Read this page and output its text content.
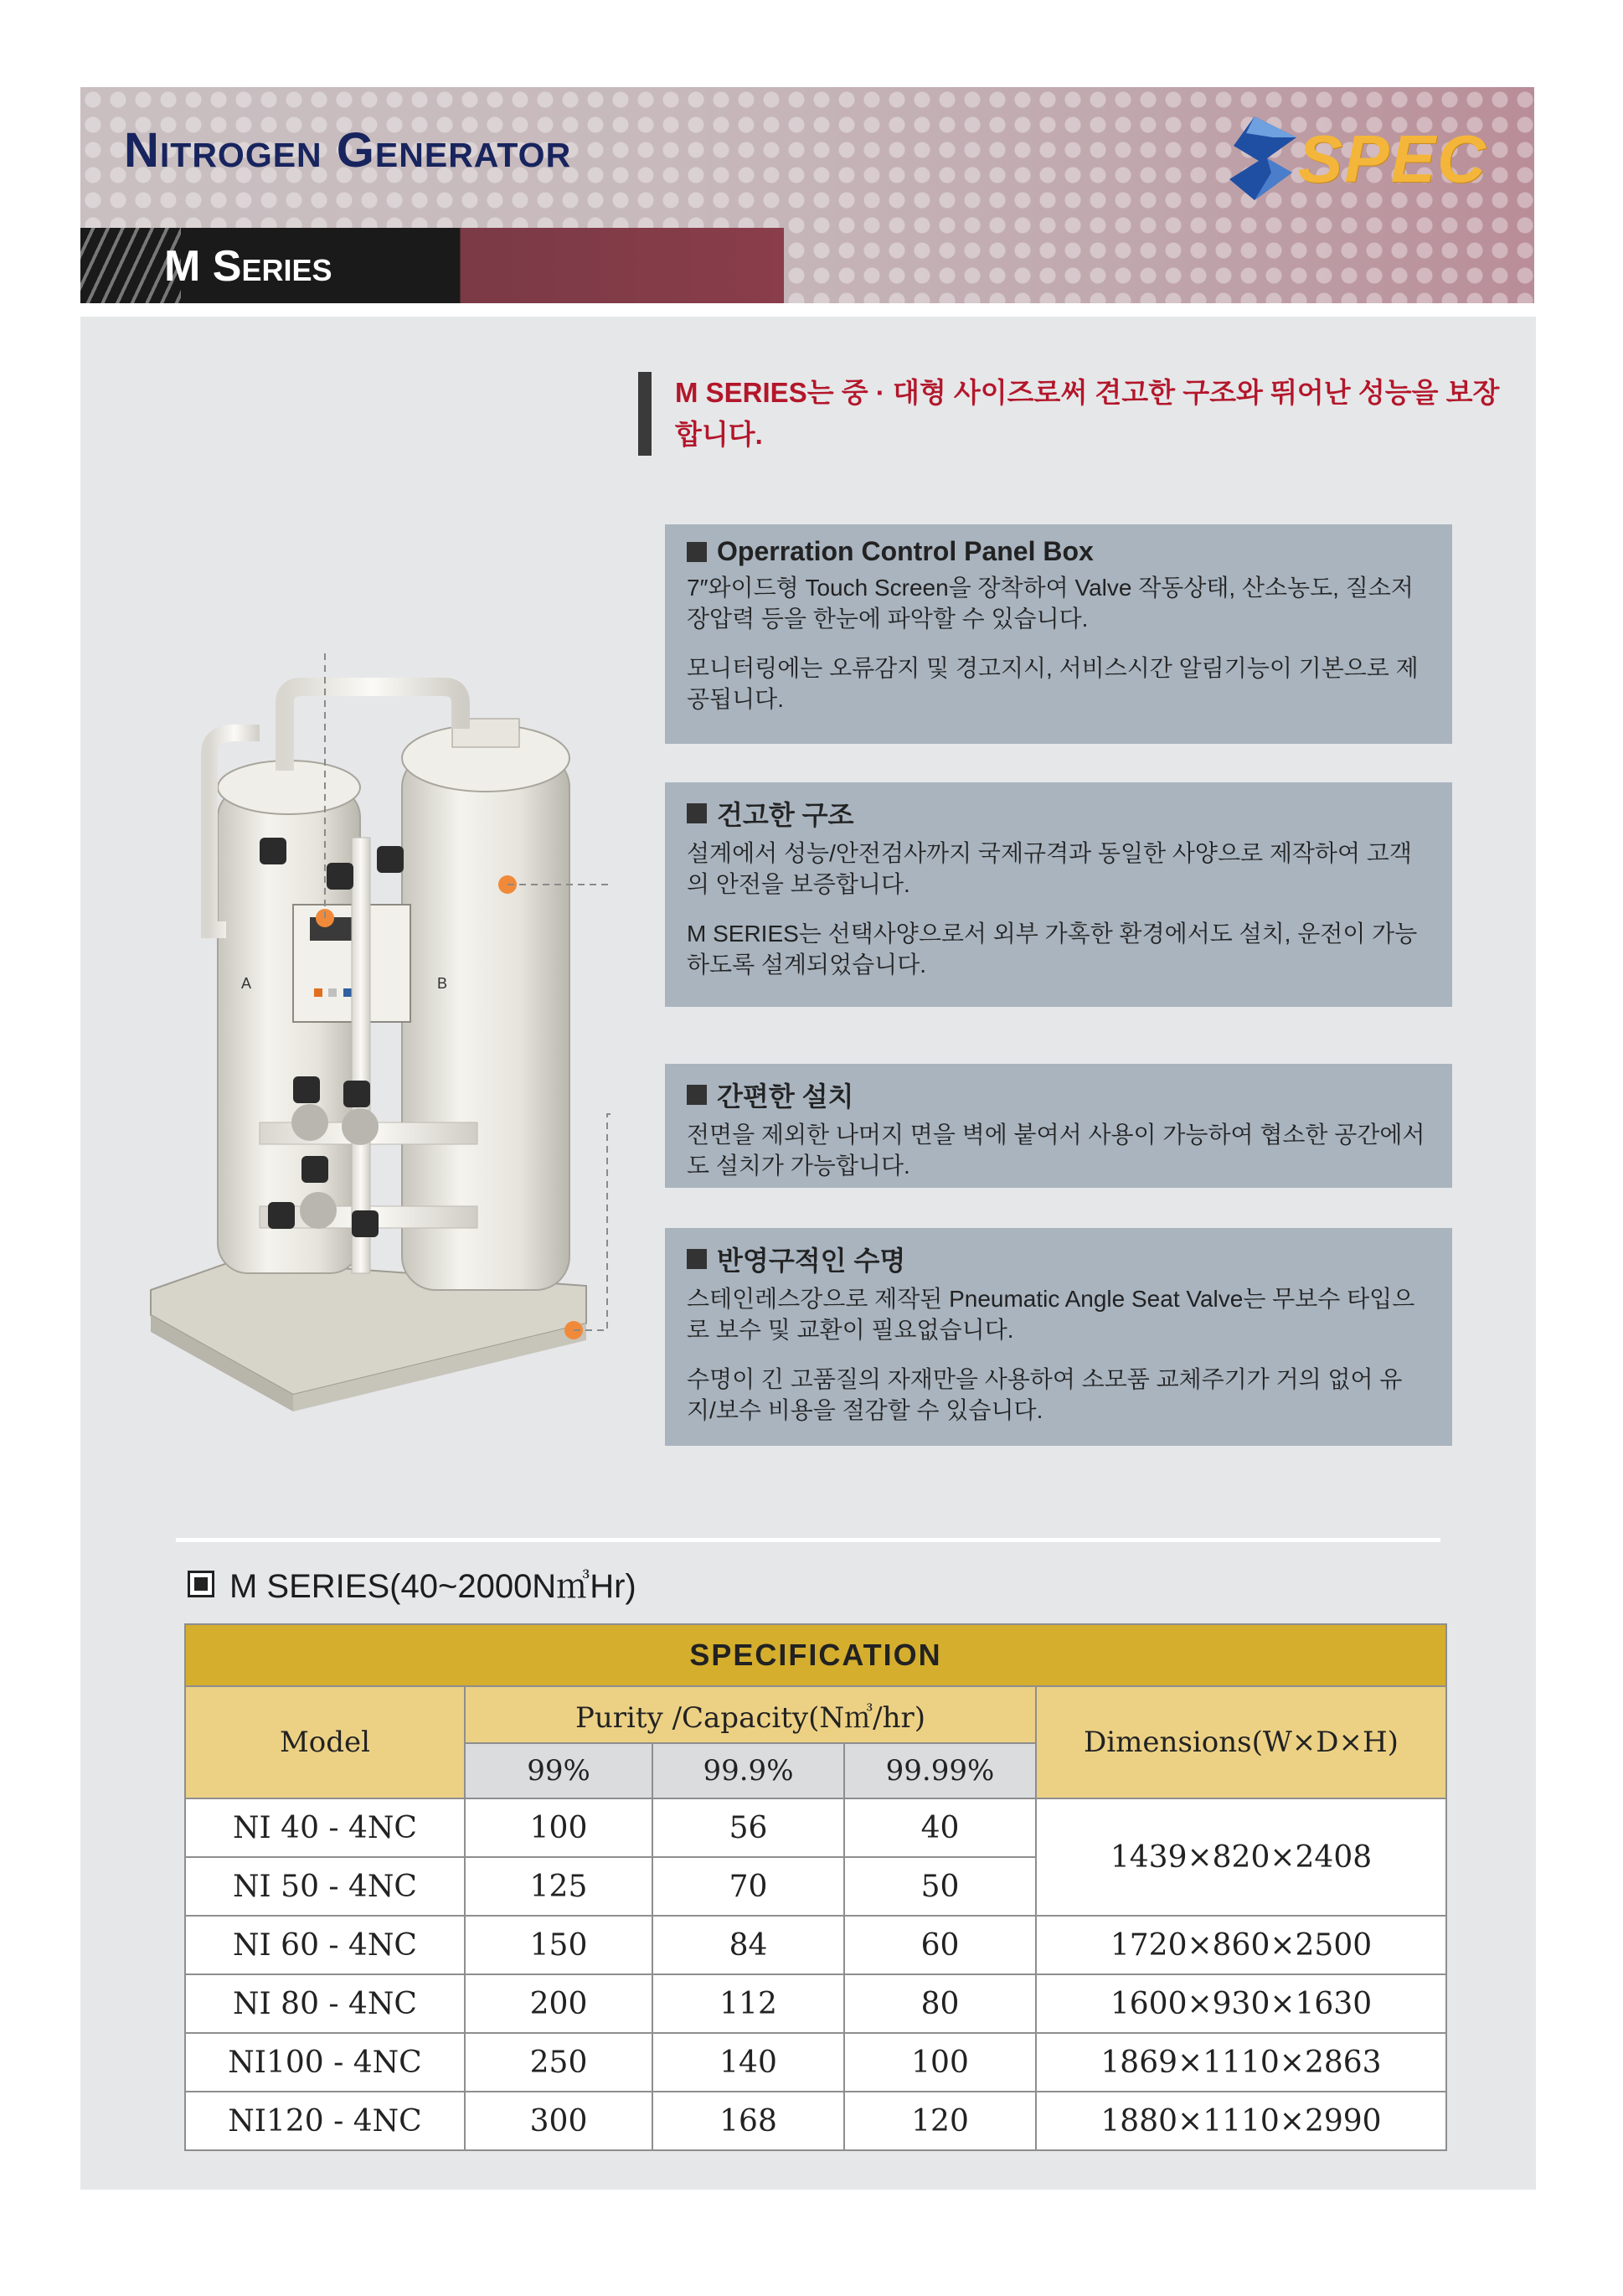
Nitrogen Generator	SPEC
M Series
M SERIES는 중 · 대형 사이즈로써 견고한 구조와 뛰어난 성능을 보장합니다.
A	B
Operration Control Panel Box

7″와이드형 Touch Screen을 장착하여 Valve 작동상태, 산소농도, 질소저장압력 등을 한눈에 파악할 수 있습니다.

모니터링에는 오류감지 및 경고지시, 서비스시간 알림기능이 기본으로 제공됩니다.

건고한 구조

설계에서 성능/안전검사까지 국제규격과 동일한 사양으로 제작하여 고객의 안전을 보증합니다.

M SERIES는 선택사양으로서 외부 가혹한 환경에서도 설치, 운전이 가능하도록 설계되었습니다.

간편한 설치

전면을 제외한 나머지 면을 벽에 붙여서 사용이 가능하여 협소한 공간에서도 설치가 가능합니다.

반영구적인 수명

스테인레스강으로 제작된 Pneumatic Angle Seat Valve는 무보수 타입으로 보수 및 교환이 필요없습니다.

수명이 긴 고품질의 자재만을 사용하여 소모품 교체주기가 거의 없어 유지/보수 비용을 절감할 수 있습니다.

M SERIES(40~2000N㎥Hr)
SPECIFICATION				
Model	Purity /Capacity(N㎥/hr)			Dimensions(W×D×H)
	99%	99.9%	99.99%	
NI 40 - 4NC	100	56	40	1439×820×2408
NI 50 - 4NC	125	70	50	
NI 60 - 4NC	150	84	60	1720×860×2500
NI 80 - 4NC	200	112	80	1600×930×1630
NI100 - 4NC	250	140	100	1869×1110×2863
NI120 - 4NC	300	168	120	1880×1110×2990
